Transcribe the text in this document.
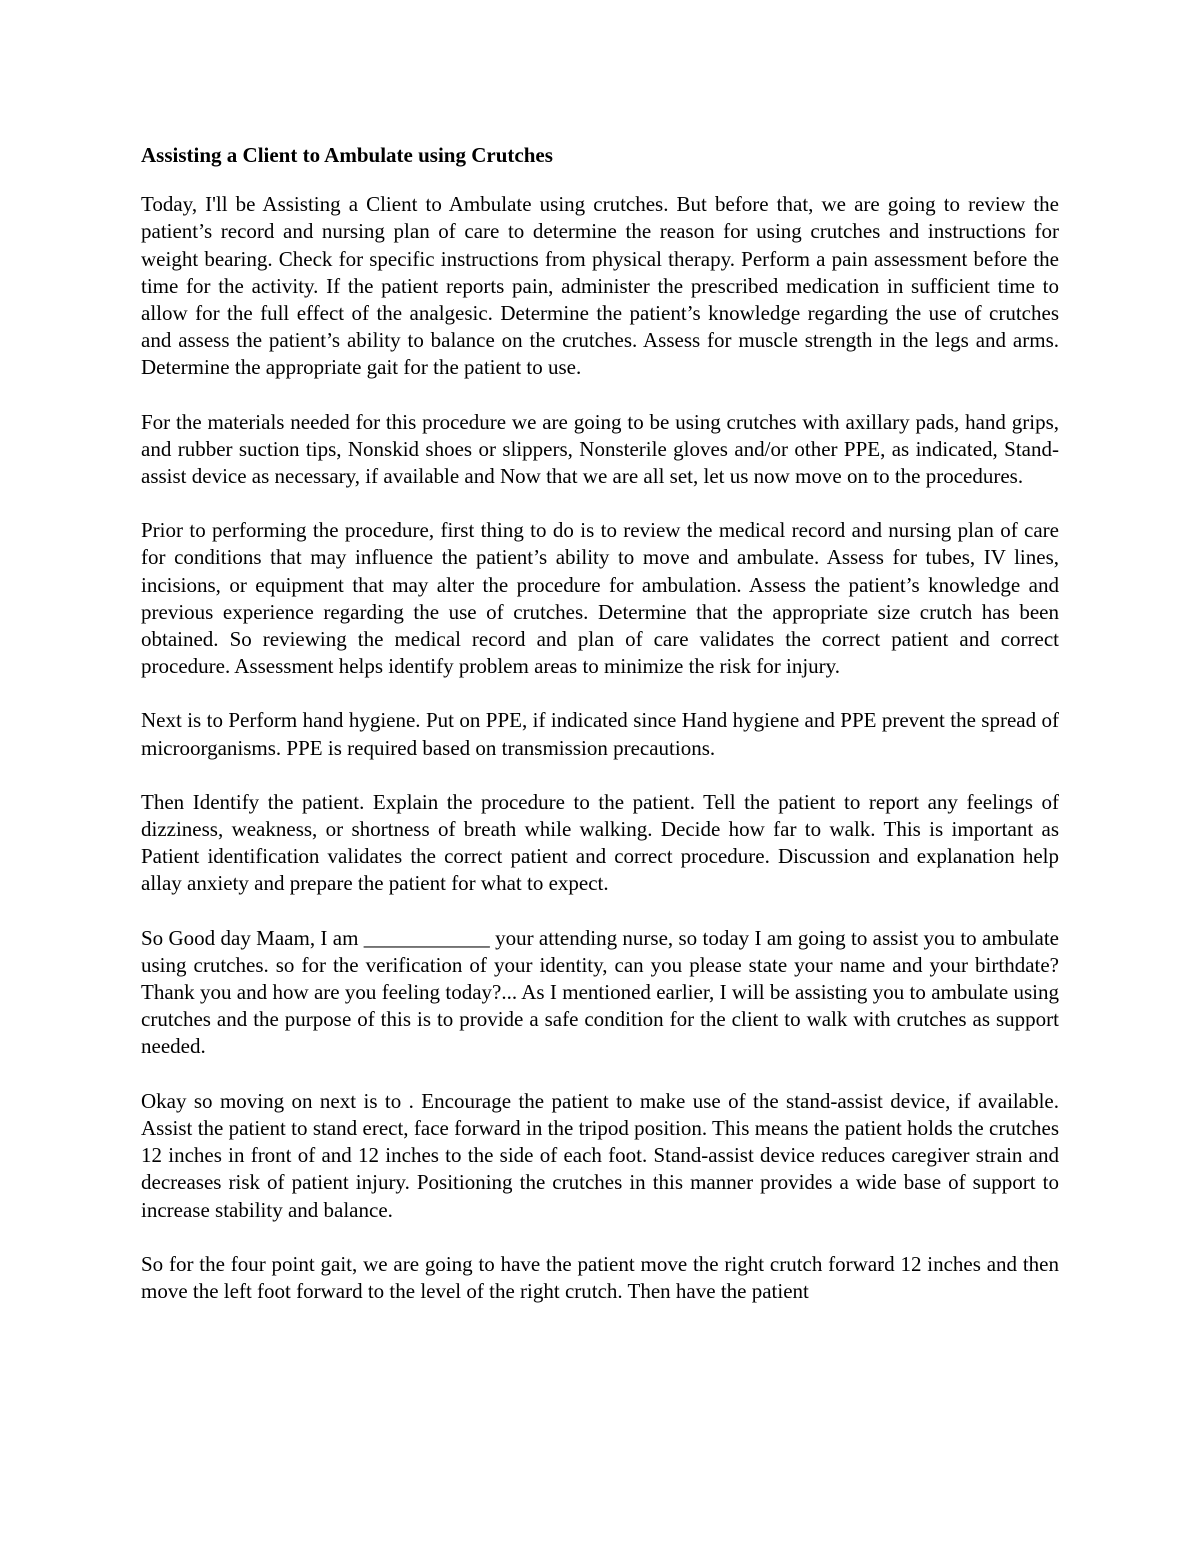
Assisting a Client to Ambulate using Crutches

Today, I'll be Assisting a Client to Ambulate using crutches. But before that, we are going to review the patient’s record and nursing plan of care to determine the reason for using crutches and instructions for weight bearing. Check for specific instructions from physical therapy. Perform a pain assessment before the time for the activity. If the patient reports pain, administer the prescribed medication in sufficient time to allow for the full effect of the analgesic. Determine the patient’s knowledge regarding the use of crutches and assess the patient’s ability to balance on the crutches. Assess for muscle strength in the legs and arms. Determine the appropriate gait for the patient to use.

For the materials needed for this procedure we are going to be using crutches with axillary pads, hand grips, and rubber suction tips, Nonskid shoes or slippers, Nonsterile gloves and/or other PPE, as indicated, Stand-assist device as necessary, if available and Now that we are all set, let us now move on to the procedures.

Prior to performing the procedure, first thing to do is to review the medical record and nursing plan of care for conditions that may influence the patient’s ability to move and ambulate. Assess for tubes, IV lines, incisions, or equipment that may alter the procedure for ambulation. Assess the patient’s knowledge and previous experience regarding the use of crutches. Determine that the appropriate size crutch has been obtained. So reviewing the medical record and plan of care validates the correct patient and correct procedure. Assessment helps identify problem areas to minimize the risk for injury.

Next is to Perform hand hygiene. Put on PPE, if indicated since Hand hygiene and PPE prevent the spread of microorganisms. PPE is required based on transmission precautions.

Then Identify the patient. Explain the procedure to the patient. Tell the patient to report any feelings of dizziness, weakness, or shortness of breath while walking. Decide how far to walk. This is important as Patient identification validates the correct patient and correct procedure. Discussion and explanation help allay anxiety and prepare the patient for what to expect.

So Good day Maam, I am ____________ your attending nurse, so today I am going to assist you to ambulate using crutches. so for the verification of your identity, can you please state your name and your birthdate? Thank you and how are you feeling today?... As I mentioned earlier, I will be assisting you to ambulate using crutches and the purpose of this is to provide a safe condition for the client to walk with crutches as support needed.

Okay so moving on next is to . Encourage the patient to make use of the stand-assist device, if available. Assist the patient to stand erect, face forward in the tripod position. This means the patient holds the crutches 12 inches in front of and 12 inches to the side of each foot. Stand-assist device reduces caregiver strain and decreases risk of patient injury. Positioning the crutches in this manner provides a wide base of support to increase stability and balance.

So for the four point gait, we are going to have the patient move the right crutch forward 12 inches and then move the left foot forward to the level of the right crutch. Then have the patient
